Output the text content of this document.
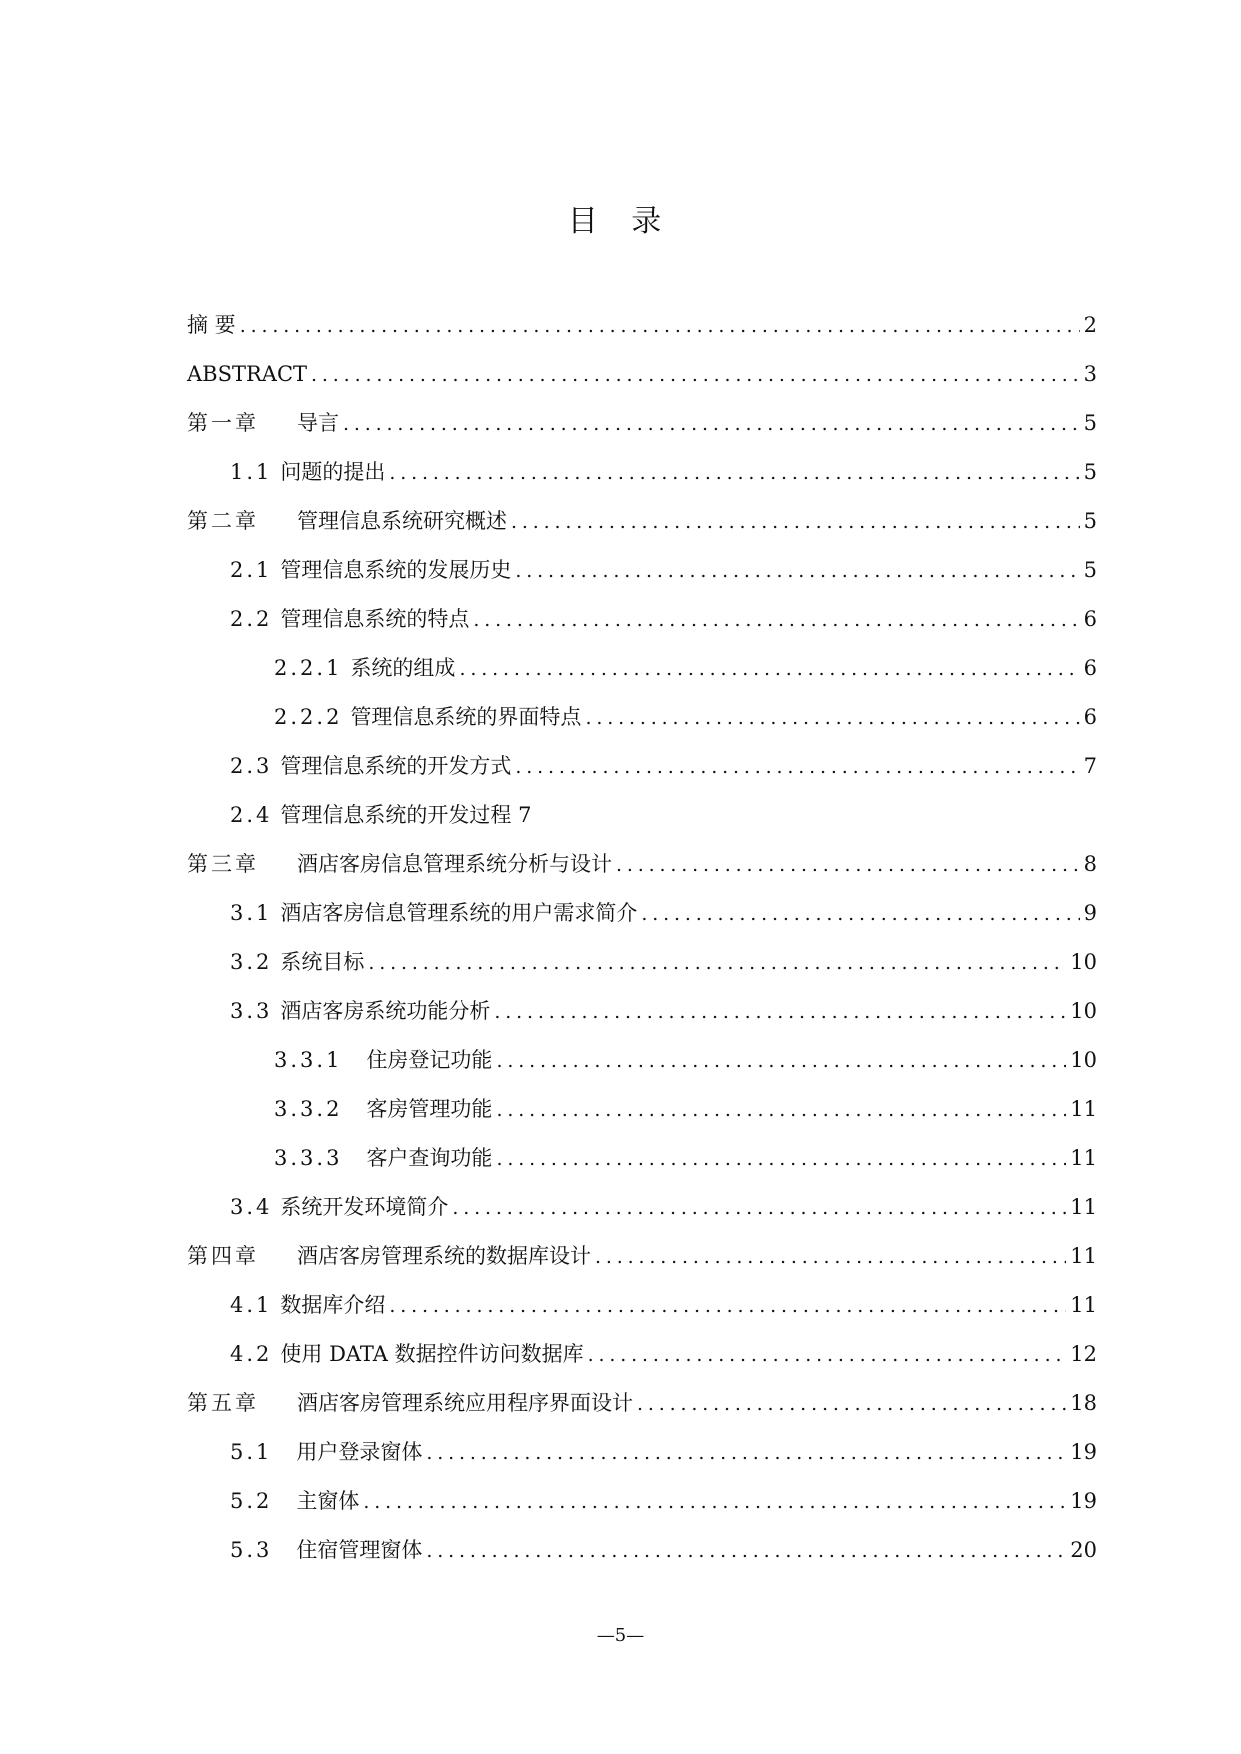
目 录
摘 要 . . .	2
ABSTRACT . . .	3
第一章 导言 . . .	5
1.1 问题的提出 . . .	5
第二章 管理信息系统研究概述 . . .	5
2.1 管理信息系统的发展历史 . . .	5
2.2 管理信息系统的特点 . . .	6
2.2.1 系统的组成 . . .	6
2.2.2 管理信息系统的界面特点 . . .	6
2.3 管理信息系统的开发方式 . . .	7
2.4 管理信息系统的开发过程 7
第三章 酒店客房信息管理系统分析与设计 . . .	8
3.1 酒店客房信息管理系统的用户需求简介 . . .	9
3.2 系统目标 . . .	10
3.3 酒店客房系统功能分析 . . .	10
3.3.1 住房登记功能 . . .	10
3.3.2 客房管理功能 . . .	11
3.3.3 客户查询功能 . . .	11
3.4 系统开发环境简介 . . .	11
第四章 酒店客房管理系统的数据库设计 . . .	11
4.1 数据库介绍 . . .	11
4.2 使用 DATA 数据控件访问数据库 . . .	12
第五章 酒店客房管理系统应用程序界面设计 . . .	18
5.1 用户登录窗体 . . .	19
5.2 主窗体 . . .	19
5.3 住宿管理窗体 . . .	20
—5—
